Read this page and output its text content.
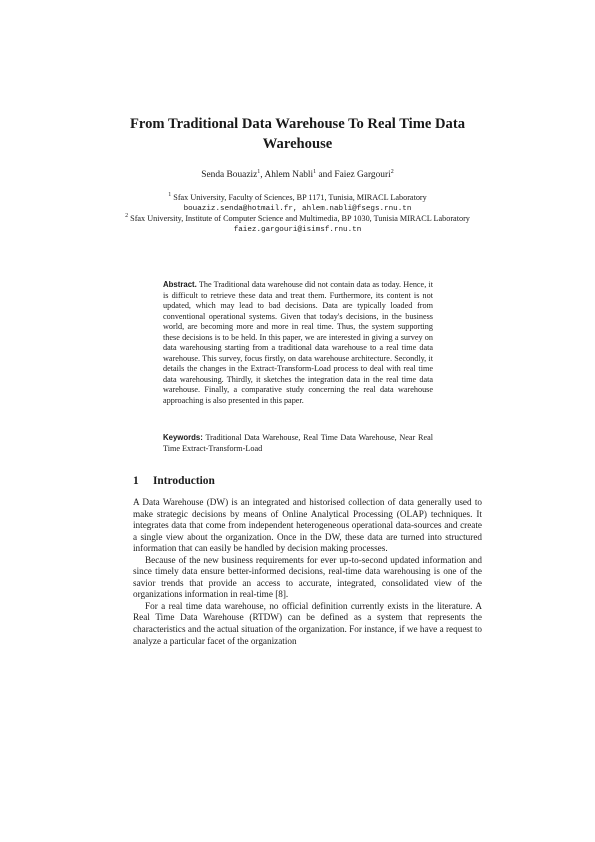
From Traditional Data Warehouse To Real Time Data Warehouse
Senda Bouaziz$^1$, Ahlem Nabli$^1$ and Faiez Gargouri$^2$
$^1$ Sfax University, Faculty of Sciences, BP 1171, Tunisia, MIRACL Laboratory
bouaziz.senda@hotmail.fr, ahlem.nabli@fsegs.rnu.tn
$^2$ Sfax University, Institute of Computer Science and Multimedia, BP 1030, Tunisia MIRACL Laboratory
faiez.gargouri@isimsf.rnu.tn
Abstract. The Traditional data warehouse did not contain data as today. Hence, it is difficult to retrieve these data and treat them. Furthermore, its content is not updated, which may lead to bad decisions. Data are typically loaded from conventional operational systems. Given that today's decisions, in the business world, are becoming more and more in real time. Thus, the system supporting these decisions is to be held. In this paper, we are interested in giving a survey on data warehousing starting from a traditional data warehouse to a real time data warehouse. This survey, focus firstly, on data warehouse architecture. Secondly, it details the changes in the Extract-Transform-Load process to deal with real time data warehousing. Thirdly, it sketches the integration data in the real time data warehouse. Finally, a comparative study concerning the real data warehouse approaching is also presented in this paper.
Keywords: Traditional Data Warehouse, Real Time Data Warehouse, Near Real Time Extract-Transform-Load
1 Introduction

A Data Warehouse (DW) is an integrated and historised collection of data generally used to make strategic decisions by means of Online Analytical Processing (OLAP) techniques. It integrates data that come from independent heterogeneous operational data-sources and create a single view about the organization. Once in the DW, these data are turned into structured information that can easily be handled by decision making processes.

Because of the new business requirements for ever up-to-second updated information and since timely data ensure better-informed decisions, real-time data warehousing is one of the savior trends that provide an access to accurate, integrated, consolidated view of the organizations information in real-time [8].

For a real time data warehouse, no official definition currently exists in the literature. A Real Time Data Warehouse (RTDW) can be defined as a system that represents the characteristics and the actual situation of the organization. For instance, if we have a request to analyze a particular facet of the organization
